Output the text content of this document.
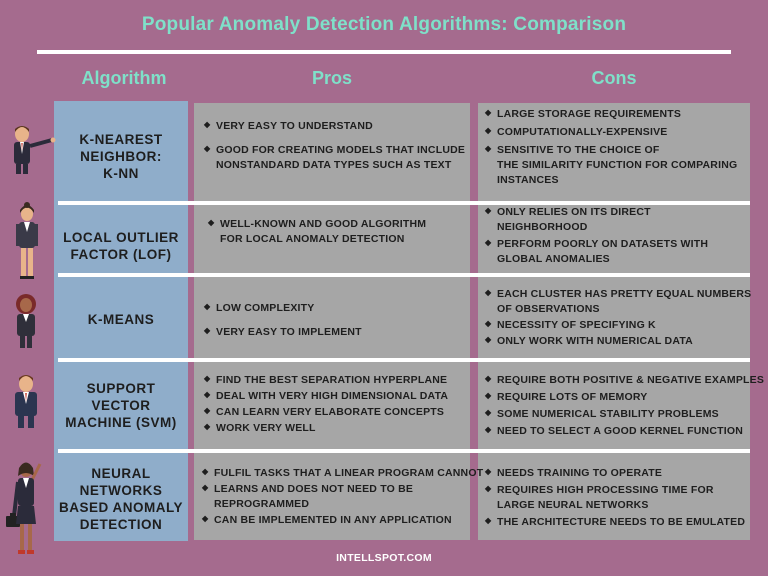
Popular Anomaly Detection Algorithms: Comparison
Algorithm	Pros	Cons
K-NEAREST
NEIGHBOR:
K-NN
LOCAL OUTLIER
FACTOR (LOF)
K-MEANS
SUPPORT
VECTOR
MACHINE (SVM)
NEURAL
NETWORKS
BASED ANOMALY
DETECTION
◆ VERY EASY TO UNDERSTAND
◆ GOOD FOR CREATING MODELS THAT INCLUDE
NONSTANDARD DATA TYPES SUCH AS TEXT
◆ LARGE STORAGE REQUIREMENTS
◆ COMPUTATIONALLY-EXPENSIVE
◆ SENSITIVE TO THE CHOICE OF
THE SIMILARITY FUNCTION FOR COMPARING
INSTANCES
◆ WELL-KNOWN AND GOOD ALGORITHM
FOR LOCAL ANOMALY DETECTION
◆ ONLY RELIES ON ITS DIRECT
NEIGHBORHOOD
◆ PERFORM POORLY ON DATASETS WITH
GLOBAL ANOMALIES
◆ LOW COMPLEXITY
◆ VERY EASY TO IMPLEMENT
◆ EACH CLUSTER HAS PRETTY EQUAL NUMBERS
OF OBSERVATIONS
◆ NECESSITY OF SPECIFYING K
◆ ONLY WORK WITH NUMERICAL DATA
◆ FIND THE BEST SEPARATION HYPERPLANE
◆ DEAL WITH VERY HIGH DIMENSIONAL DATA
◆ CAN LEARN VERY ELABORATE CONCEPTS
◆ WORK VERY WELL
◆ REQUIRE BOTH POSITIVE & NEGATIVE EXAMPLES
◆ REQUIRE LOTS OF MEMORY
◆ SOME NUMERICAL STABILITY PROBLEMS
◆ NEED TO SELECT A GOOD KERNEL FUNCTION
◆ FULFIL TASKS THAT A LINEAR PROGRAM CANNOT
◆ LEARNS AND DOES NOT NEED TO BE
REPROGRAMMED
◆ CAN BE IMPLEMENTED IN ANY APPLICATION
◆ NEEDS TRAINING TO OPERATE
◆ REQUIRES HIGH PROCESSING TIME FOR
LARGE NEURAL NETWORKS
◆ THE ARCHITECTURE NEEDS TO BE EMULATED
INTELLSPOT.COM
